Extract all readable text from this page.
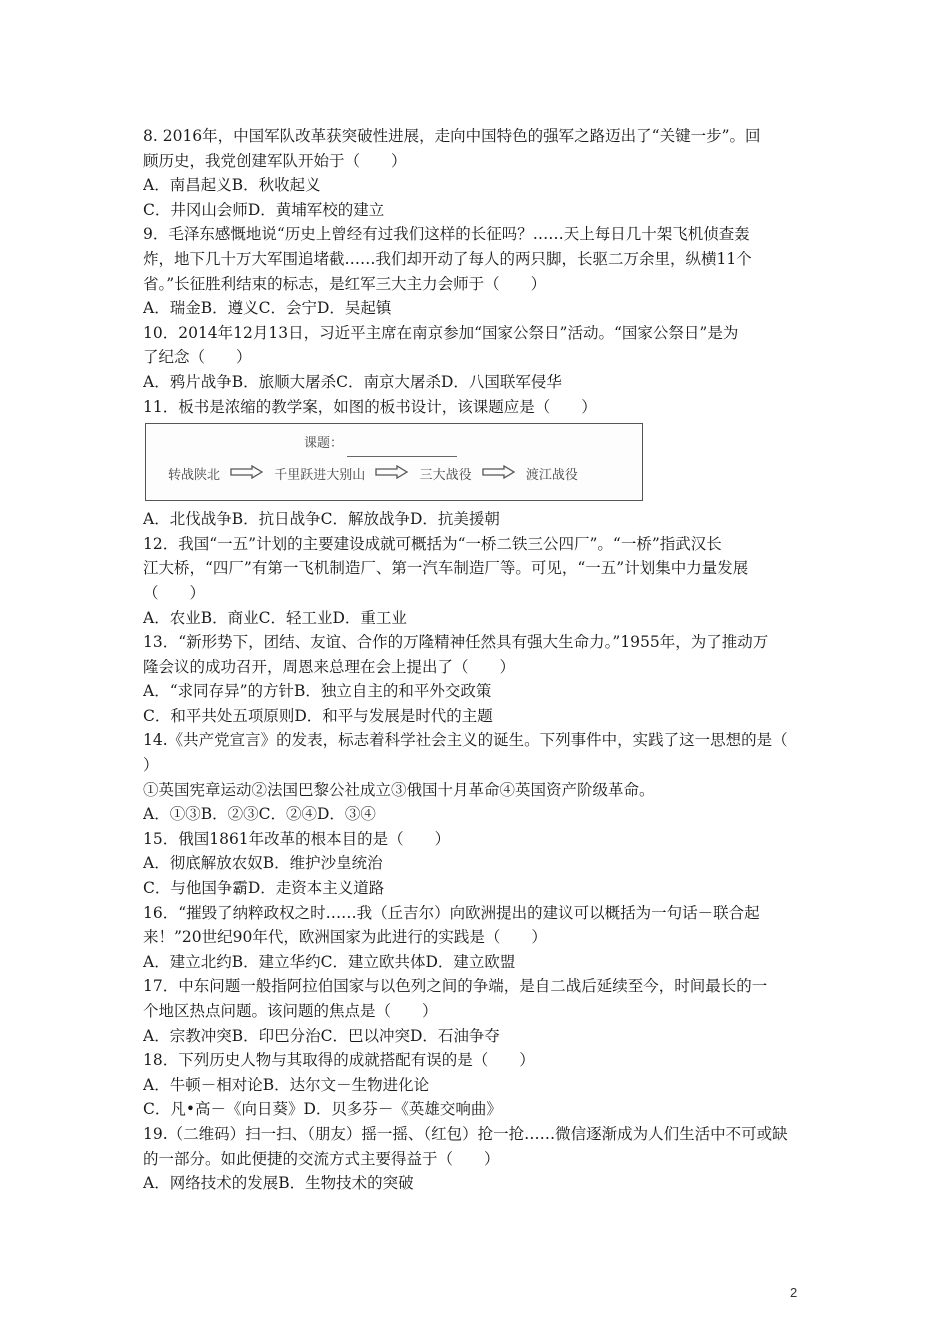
8. 2016年，中国军队改革获突破性进展，走向中国特色的强军之路迈出了“关键一步”。回
顾历史，我党创建军队开始于（　　）
A．南昌起义B．秋收起义
C．井冈山会师D．黄埔军校的建立
9．毛泽东感慨地说“历史上曾经有过我们这样的长征吗？……天上每日几十架飞机侦查轰
炸，地下几十万大军围追堵截……我们却开动了每人的两只脚，长驱二万余里，纵横11个
省。”长征胜利结束的标志，是红军三大主力会师于（　　）
A．瑞金B．遵义C．会宁D．吴起镇
10．2014年12月13日，习近平主席在南京参加“国家公祭日”活动。“国家公祭日”是为
了纪念（　　）
A．鸦片战争B．旅顺大屠杀C．南京大屠杀D．八国联军侵华
11．板书是浓缩的教学案，如图的板书设计，该课题应是（　　）
课题：
转战陕北	千里跃进大别山	三大战役	渡江战役
A．北伐战争B．抗日战争C．解放战争D．抗美援朝
12．我国“一五”计划的主要建设成就可概括为“一桥二铁三公四厂”。“一桥”指武汉长
江大桥，“四厂”有第一飞机制造厂、第一汽车制造厂等。可见，“一五”计划集中力量发展
（　　）
A．农业B．商业C．轻工业D．重工业
13．“新形势下，团结、友谊、合作的万隆精神任然具有强大生命力。”1955年，为了推动万
隆会议的成功召开，周恩来总理在会上提出了（　　）
A．“求同存异”的方针B．独立自主的和平外交政策
C．和平共处五项原则D．和平与发展是时代的主题
14.《共产党宣言》的发表，标志着科学社会主义的诞生。下列事件中，实践了这一思想的是（
）
①英国宪章运动②法国巴黎公社成立③俄国十月革命④英国资产阶级革命。
A．①③B．②③C．②④D．③④
15．俄国1861年改革的根本目的是（　　）
A．彻底解放农奴B．维护沙皇统治
C．与他国争霸D．走资本主义道路
16．“摧毁了纳粹政权之时……我（丘吉尔）向欧洲提出的建议可以概括为一句话－联合起
来！”20世纪90年代，欧洲国家为此进行的实践是（　　）
A．建立北约B．建立华约C．建立欧共体D．建立欧盟
17．中东问题一般指阿拉伯国家与以色列之间的争端，是自二战后延续至今，时间最长的一
个地区热点问题。该问题的焦点是（　　）
A．宗教冲突B．印巴分治C．巴以冲突D．石油争夺
18．下列历史人物与其取得的成就搭配有误的是（　　）
A．牛顿－相对论B．达尔文－生物进化论
C．凡•高－《向日葵》D．贝多芬－《英雄交响曲》
19.（二维码）扫一扫、（朋友）摇一摇、（红包）抢一抢……微信逐渐成为人们生活中不可或缺
的一部分。如此便捷的交流方式主要得益于（　　）
A．网络技术的发展B．生物技术的突破
2
